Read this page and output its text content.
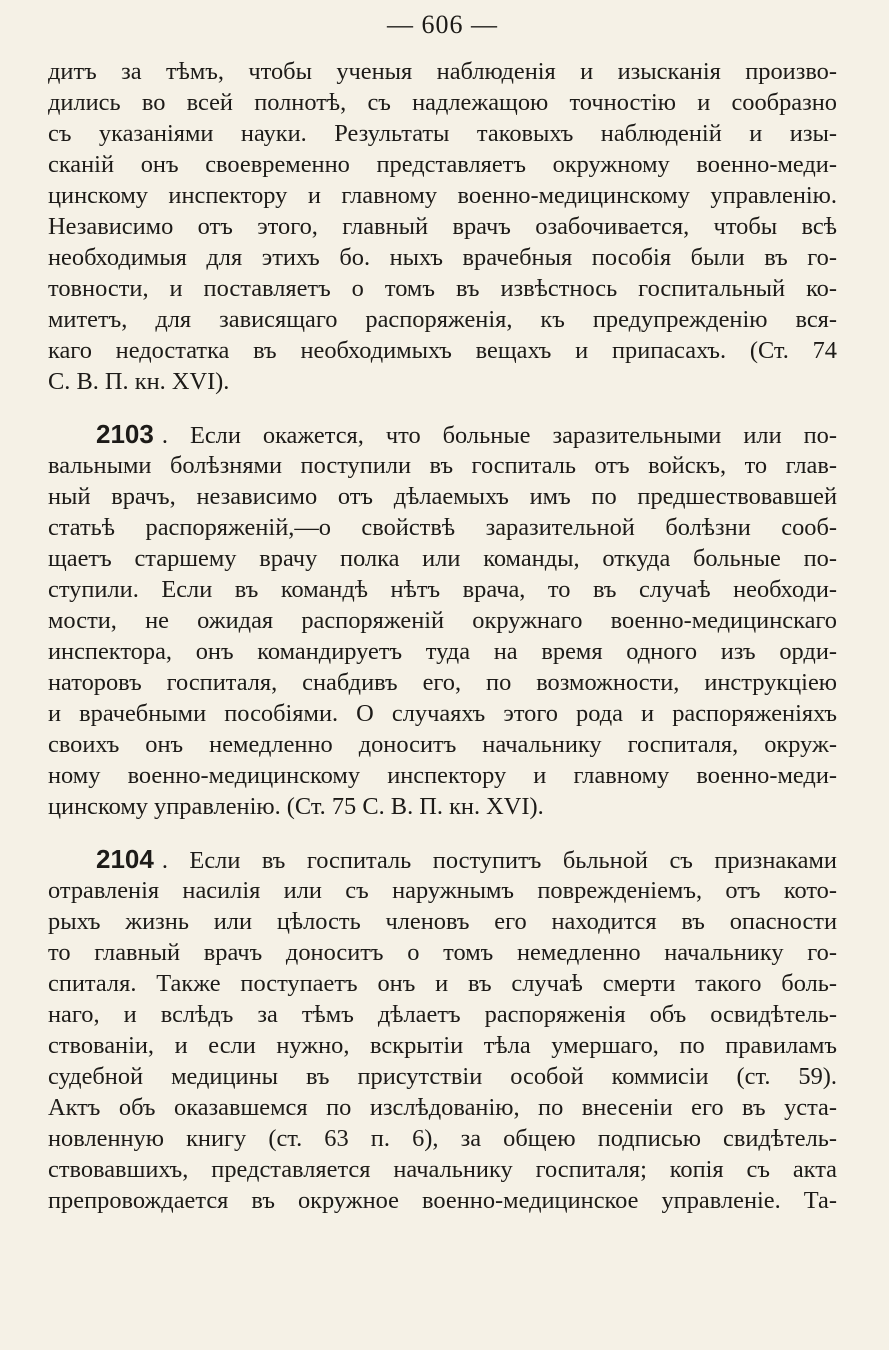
— 606 —
дитъ за тѣмъ, чтобы ученыя наблюденія и изысканія произво-
дились во всей полнотѣ, съ надлежащою точностію и сообразно
съ указаніями науки. Результаты таковыхъ наблюденій и изы-
сканій онъ своевременно представляетъ окружному военно-меди-
цинскому инспектору и главному военно-медицинскому управленію.
Независимо отъ этого, главный врачъ озабочивается, чтобы всѣ
необходимыя для этихъ бо. ныхъ врачебныя пособія были въ го-
товности, и поставляетъ о томъ въ извѣстнось госпитальный ко-
митетъ, для зависящаго распоряженія, къ предупрежденію вся-
каго недостатка въ необходимыхъ вещахъ и припасахъ. (Ст. 74
С. В. П. кн. XVI).
2103 . Если окажется, что больные заразительными или по-
вальными болѣзнями поступили въ госпиталь отъ войскъ, то глав-
ный врачъ, независимо отъ дѣлаемыхъ имъ по предшествовавшей
статьѣ распоряженій,—о свойствѣ заразительной болѣзни сооб-
щаетъ старшему врачу полка или команды, откуда больные по-
ступили. Если въ командѣ нѣтъ врача, то въ случаѣ необходи-
мости, не ожидая распоряженій окружнаго военно-медицинскаго
инспектора, онъ командируетъ туда на время одного изъ орди-
наторовъ госпиталя, снабдивъ его, по возможности, инструкціею
и врачебными пособіями. О случаяхъ этого рода и распоряженіяхъ
своихъ онъ немедленно доноситъ начальнику госпиталя, окруж-
ному военно-медицинскому инспектору и главному военно-меди-
цинскому управленію. (Ст. 75 С. В. П. кн. XVI).
2104 . Если въ госпиталь поступитъ бьльной съ признаками
отравленія насилія или съ наружнымъ поврежденіемъ, отъ кото-
рыхъ жизнь или цѣлость членовъ его находится въ опасности
то главный врачъ доноситъ о томъ немедленно начальнику го-
спиталя. Также поступаетъ онъ и въ случаѣ смерти такого боль-
наго, и вслѣдъ за тѣмъ дѣлаетъ распоряженія объ освидѣтель-
ствованіи, и если нужно, вскрытіи тѣла умершаго, по правиламъ
судебной медицины въ присутствіи особой коммисіи (ст. 59).
Актъ объ оказавшемся по изслѣдованію, по внесеніи его въ уста-
новленную книгу (ст. 63 п. 6), за общею подписью свидѣтель-
ствовавшихъ, представляется начальнику госпиталя; копія съ акта
препровождается въ окружное военно-медицинское управленіе. Та-
